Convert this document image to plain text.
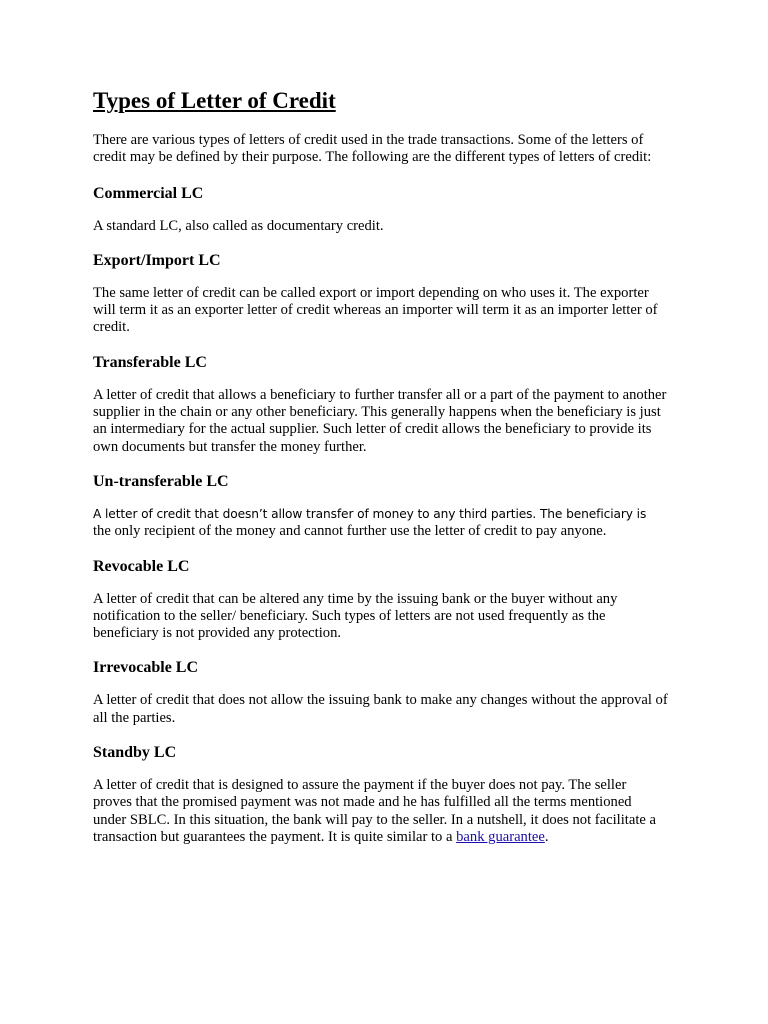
Types of Letter of Credit

There are various types of letters of credit used in the trade transactions. Some of the letters of credit may be defined by their purpose. The following are the different types of letters of credit:

Commercial LC

A standard LC, also called as documentary credit.

Export/Import LC

The same letter of credit can be called export or import depending on who uses it. The exporter will term it as an exporter letter of credit whereas an importer will term it as an importer letter of credit.

Transferable LC

A letter of credit that allows a beneficiary to further transfer all or a part of the payment to another supplier in the chain or any other beneficiary. This generally happens when the beneficiary is just an intermediary for the actual supplier. Such letter of credit allows the beneficiary to provide its own documents but transfer the money further.

Un-transferable LC

A letter of credit that doesn’t allow transfer of money to any third parties. The beneficiary is
the only recipient of the money and cannot further use the letter of credit to pay anyone.

Revocable LC

A letter of credit that can be altered any time by the issuing bank or the buyer without any notification to the seller/ beneficiary. Such types of letters are not used frequently as the beneficiary is not provided any protection.

Irrevocable LC

A letter of credit that does not allow the issuing bank to make any changes without the approval of all the parties.

Standby LC

A letter of credit that is designed to assure the payment if the buyer does not pay. The seller proves that the promised payment was not made and he has fulfilled all the terms mentioned under SBLC. In this situation, the bank will pay to the seller. In a nutshell, it does not facilitate a transaction but guarantees the payment. It is quite similar to a bank guarantee.
